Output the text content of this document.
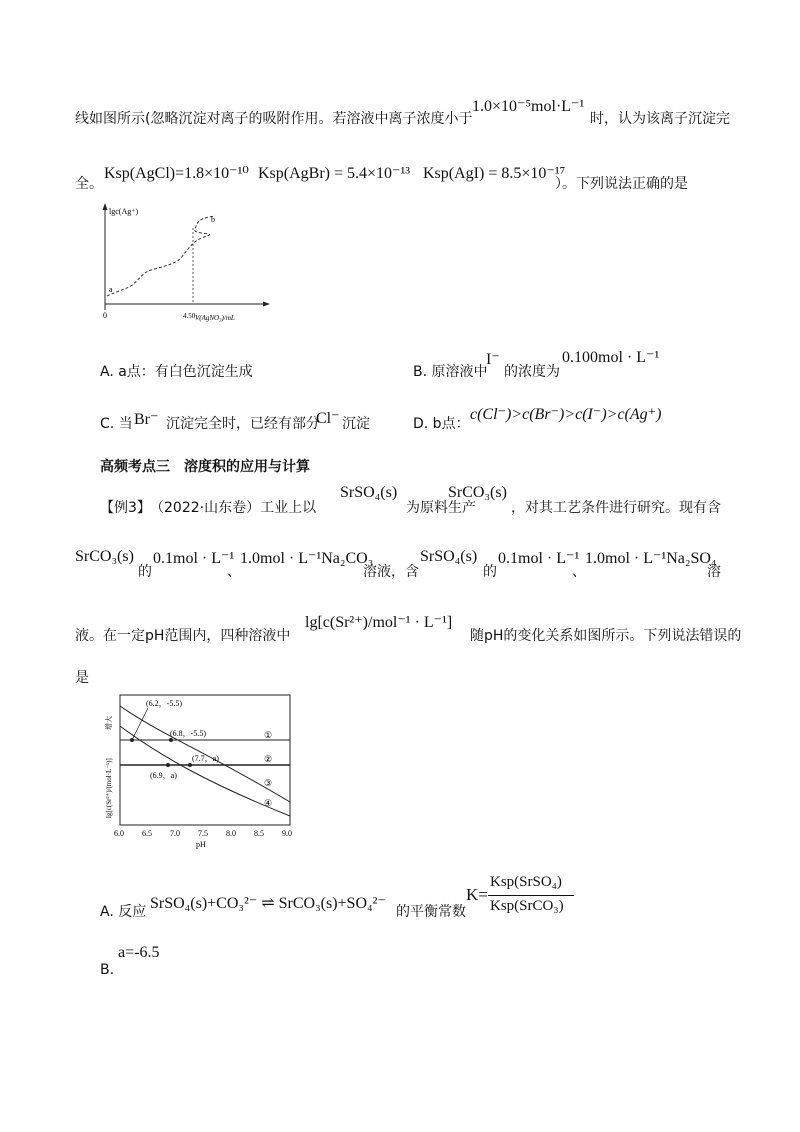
线如图所示(忽略沉淀对离子的吸附作用。若溶液中离子浓度小于
1.0×10⁻⁵mol·L⁻¹
时，认为该离子沉淀完
全。
Ksp(AgCl)=1.8×10⁻¹⁰ Ksp(AgBr) = 5.4×10⁻¹³ Ksp(AgI) = 8.5×10⁻¹⁷
）。下列说法正确的是
lgc(Ag⁺)
V(AgNO₃)/mL
0	4.50
a
b
A. a点：有白色沉淀生成	B. 原溶液中
I⁻
的浓度为
0.100mol · L⁻¹
C. 当 Br⁻ 沉淀完全时，已经有部分
Cl⁻ 沉淀	D. b点：
c(Cl⁻)>c(Br⁻)>c(I⁻)>c(Ag⁺)
高频考点三　溶度积的应用与计算
【例3】 （2022·山东卷）工业上以
SrSO₄(s)
为原料生产
SrCO₃(s)
，对其工艺条件进行研究。现有含
SrCO₃(s)
的
0.1mol · L⁻¹
、
1.0mol · L⁻¹Na₂CO₃
溶液，含
SrSO₄(s)
的
0.1mol · L⁻¹
、
1.0mol · L⁻¹Na₂SO₄
溶
液。在一定pH范围内，四种溶液中
lg[c(Sr²⁺)/mol⁻¹ · L⁻¹]
随pH的变化关系如图所示。下列说法错误的
是
(6.2，-5.5)
(6.8，-5.5)
(7.7，a)
(6.9，a)
①
②
③
④
lg[c(Sr²⁺)/(mol·L⁻¹)]
增大
6.0 6.5 7.0 7.5 8.0 8.5 9.0
pH
A. 反应 SrSO₄(s)+CO₃²⁻ ⇌ SrCO₃(s)+SO₄²⁻ 的平衡常数
K=
Ksp(SrSO₄)
Ksp(SrCO₃)
a=-6.5
B.
